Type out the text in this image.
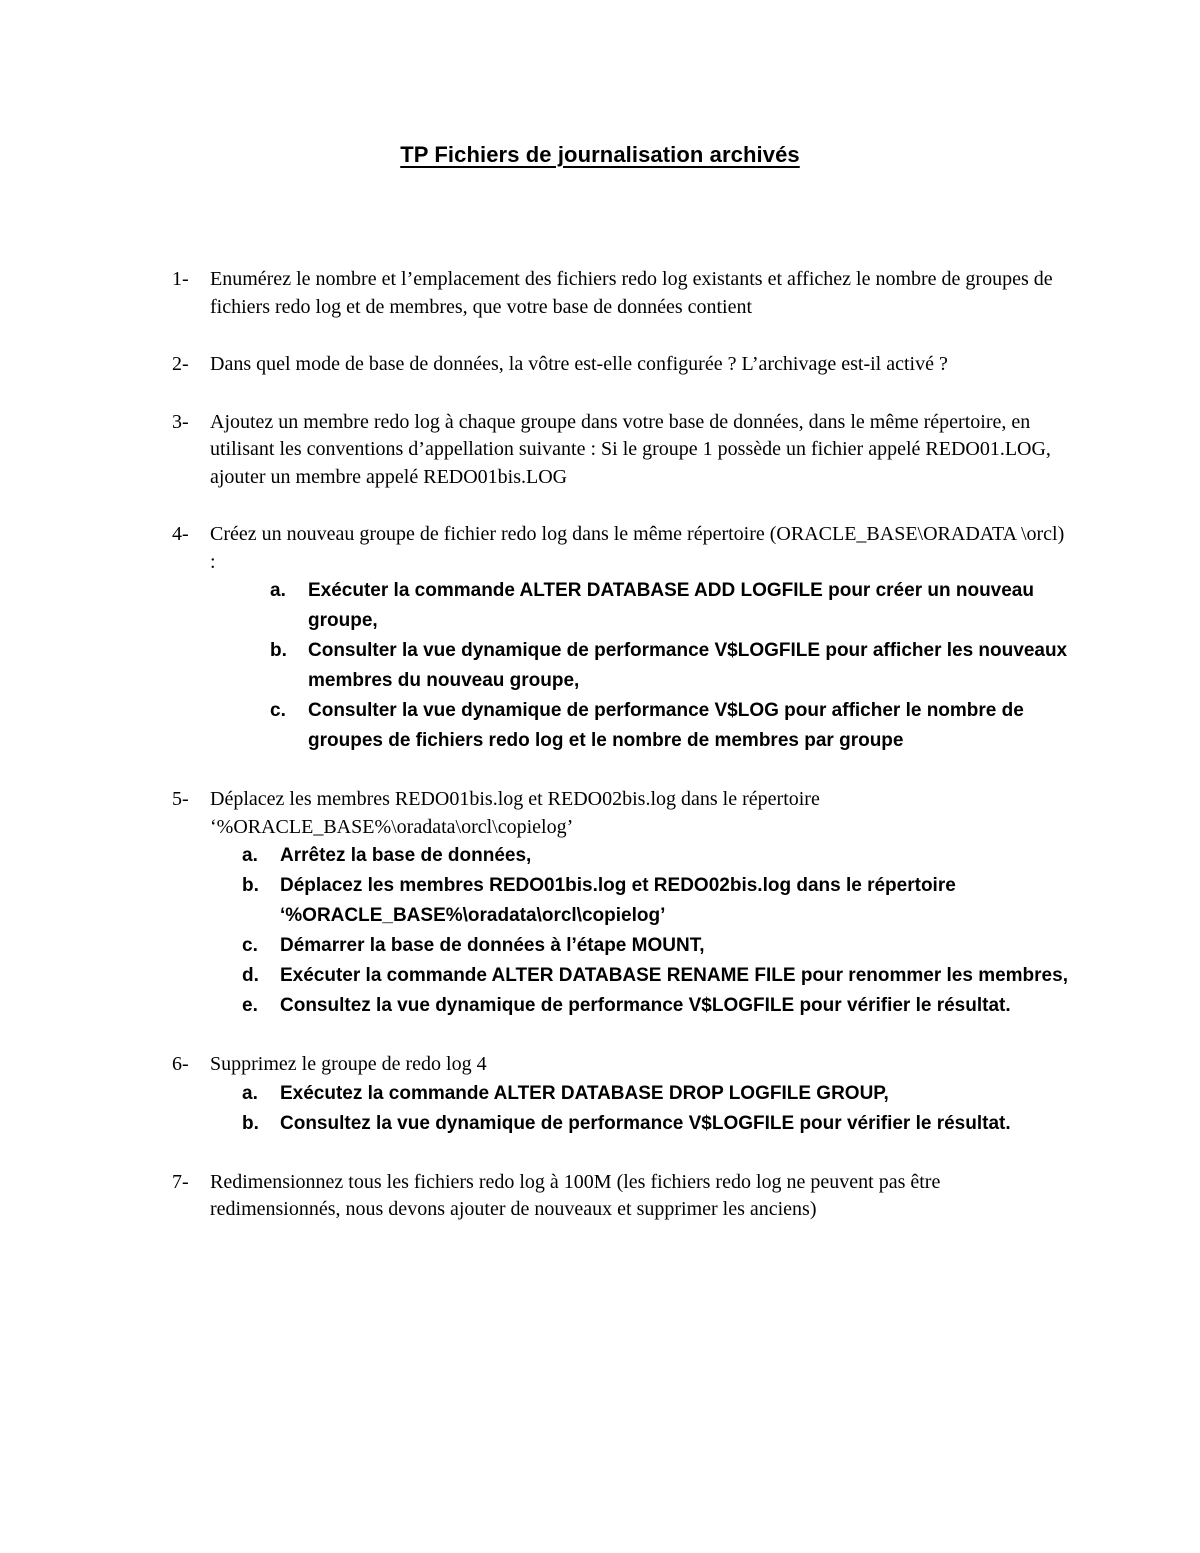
TP Fichiers de journalisation archivés
1-	Enumérez le nombre et l’emplacement des fichiers redo log existants et affichez le nombre de groupes de fichiers redo log et de membres, que votre base de données contient
2-	Dans quel mode de base de données, la vôtre est-elle configurée ? L’archivage est-il activé ?
3-	Ajoutez un membre redo log à chaque groupe dans votre base de données, dans le même répertoire, en utilisant les conventions d’appellation suivante : Si le groupe 1 possède un fichier appelé REDO01.LOG, ajouter un membre appelé REDO01bis.LOG
4-	Créez un nouveau groupe de fichier redo log dans le même répertoire (ORACLE_BASE\ORADATA \orcl) :
a. Exécuter la commande ALTER DATABASE ADD LOGFILE pour créer un nouveau groupe,
b. Consulter la vue dynamique de performance V$LOGFILE pour afficher les nouveaux membres du nouveau groupe,
c. Consulter la vue dynamique de performance V$LOG pour afficher le nombre de groupes de fichiers redo log et le nombre de membres par groupe
5-	Déplacez les membres REDO01bis.log et REDO02bis.log dans le répertoire ‘%ORACLE_BASE%\oradata\orcl\copielog’
a. Arrêtez la base de données,
b. Déplacez les membres REDO01bis.log et REDO02bis.log dans le répertoire ‘%ORACLE_BASE%\oradata\orcl\copielog’
c. Démarrer la base de données à l’étape MOUNT,
d. Exécuter la commande ALTER DATABASE RENAME FILE pour renommer les membres,
e. Consultez la vue dynamique de performance V$LOGFILE pour vérifier le résultat.
6-	Supprimez le groupe de redo log 4
a. Exécutez la commande ALTER DATABASE DROP LOGFILE GROUP,
b. Consultez la vue dynamique de performance V$LOGFILE pour vérifier le résultat.
7-	Redimensionnez tous les fichiers redo log à 100M (les fichiers redo log ne peuvent pas être redimensionnés, nous devons ajouter de nouveaux et supprimer les anciens)
